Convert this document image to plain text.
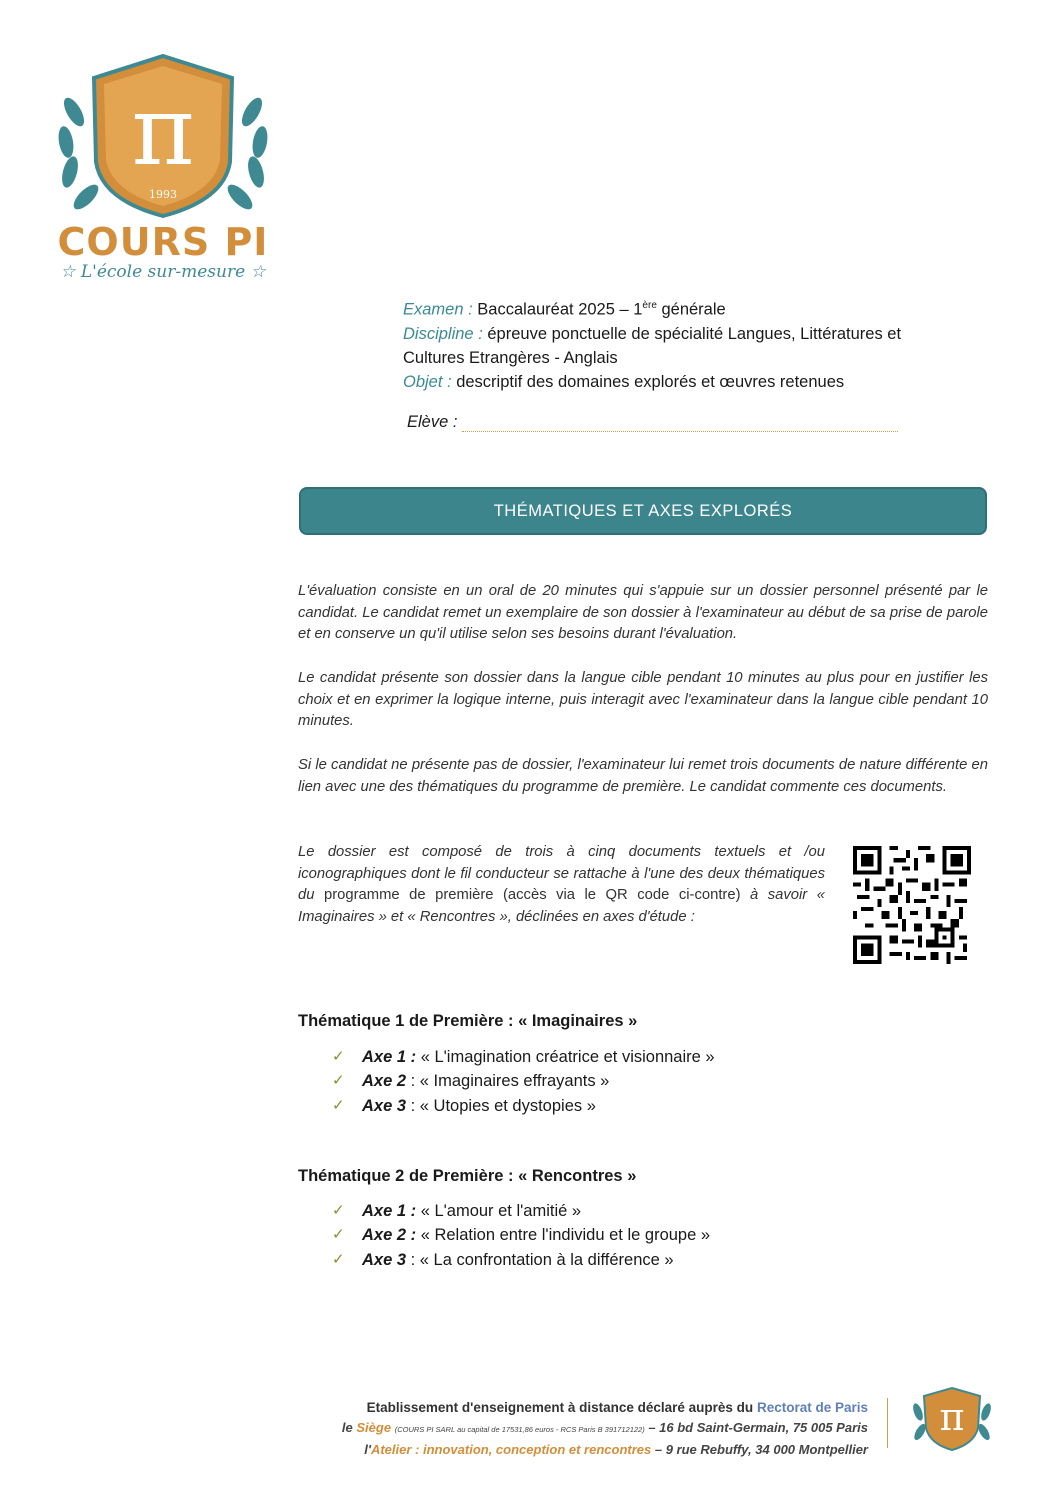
π
1993
COURS PI
☆ L'école sur-mesure ☆
Examen : Baccalauréat 2025 – 1ère générale
Discipline : épreuve ponctuelle de spécialité Langues, Littératures et Cultures Etrangères - Anglais
Objet : descriptif des domaines explorés et œuvres retenues
Elève :
THÉMATIQUES ET AXES EXPLORÉS
L'évaluation consiste en un oral de 20 minutes qui s'appuie sur un dossier personnel présenté par le candidat. Le candidat remet un exemplaire de son dossier à l'examinateur au début de sa prise de parole et en conserve un qu'il utilise selon ses besoins durant l'évaluation.
Le candidat présente son dossier dans la langue cible pendant 10 minutes au plus pour en justifier les choix et en exprimer la logique interne, puis interagit avec l'examinateur dans la langue cible pendant 10 minutes.
Si le candidat ne présente pas de dossier, l'examinateur lui remet trois documents de nature différente en lien avec une des thématiques du programme de première. Le candidat commente ces documents.
Le dossier est composé de trois à cinq documents textuels et /ou iconographiques dont le fil conducteur se rattache à l'une des deux thématiques du programme de première (accès via le QR code ci-contre) à savoir « Imaginaires » et « Rencontres », déclinées en axes d'étude :
Thématique 1 de Première : « Imaginaires »
✓ Axe 1 : « L'imagination créatrice et visionnaire »
✓ Axe 2 : « Imaginaires effrayants »
✓ Axe 3 : « Utopies et dystopies »
Thématique 2 de Première : « Rencontres »
✓ Axe 1 : « L'amour et l'amitié »
✓ Axe 2 : « Relation entre l'individu et le groupe »
✓ Axe 3 : « La confrontation à la différence »
Etablissement d'enseignement à distance déclaré auprès du Rectorat de Paris
le Siège (COURS PI SARL au capital de 17531,86 euros - RCS Paris B 391712122) – 16 bd Saint-Germain, 75 005 Paris
l'Atelier : innovation, conception et rencontres – 9 rue Rebuffy, 34 000 Montpellier
π
